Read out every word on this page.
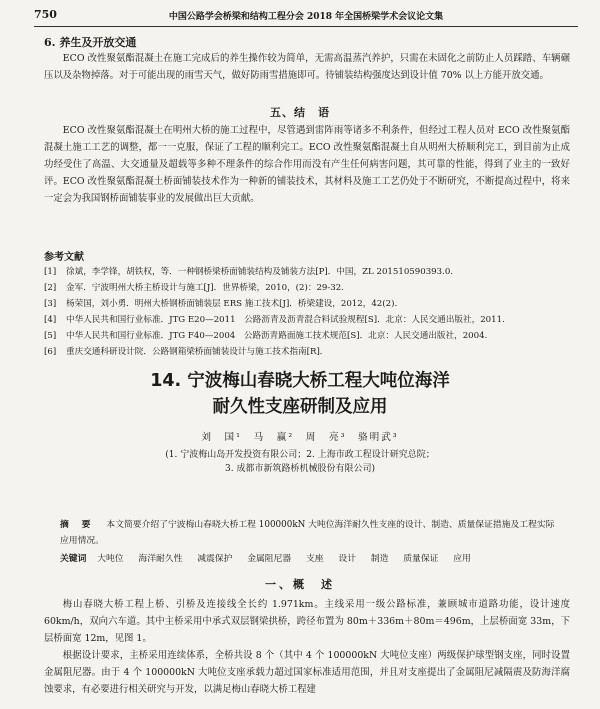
750	中国公路学会桥梁和结构工程分会 2018 年全国桥梁学术会议论文集
6. 养生及开放交通

ECO 改性聚氨酯混凝土在施工完成后的养生操作较为简单，无需高温蒸汽养护，只需在未固化之前防止人员踩踏、车辆碾压以及杂物掉落。对于可能出现的雨雪天气，做好防雨雪措施即可。待铺装结构强度达到设计值 70% 以上方能开放交通。

五、结　语

ECO 改性聚氨酯混凝土在明州大桥的施工过程中，尽管遇到雷阵雨等诸多不利条件，但经过工程人员对 ECO 改性聚氨酯混凝土施工工艺的调整，都一一克服，保证了工程的顺利完工。ECO 改性聚氨酯混凝土自从明州大桥顺利完工，到目前为止成功经受住了高温、大交通量及超载等多种不理条件的综合作用而没有产生任何病害问题，其可靠的性能，得到了业主的一致好评。ECO 改性聚氨酯混凝土桥面铺装技术作为一种新的铺装技术，其材料及施工工艺仍处于不断研究，不断提高过程中，将来一定会为我国钢桥面铺装事业的发展做出巨大贡献。

参考文献
[1] 徐斌，李学锋，胡铁权，等．一种钢桥梁桥面铺装结构及铺装方法[P]．中国，ZL 201510590393.0.
[2] 金军．宁波明州大桥主桥设计与施工[J]．世界桥梁，2010，(2)：29-32.
[3] 杨荣国，刘小勇．明州大桥钢桥面铺装层 ERS 施工技术[J]．桥梁建设，2012，42(2).
[4] 中华人民共和国行业标准．JTG E20—2011　公路沥青及沥青混合料试验规程[S]．北京：人民交通出版社，2011.
[5] 中华人民共和国行业标准．JTG F40—2004　公路沥青路面施工技术规范[S]．北京：人民交通出版社，2004.
[6] 重庆交通科研设计院．公路钢箱梁桥面铺装设计与施工技术指南[R]．
14. 宁波梅山春晓大桥工程大吨位海洋
耐久性支座研制及应用
刘　国¹　马　赢²　周　亮³　骆明武³
(1. 宁波梅山岛开发投资有限公司；2. 上海市政工程设计研究总院；
3. 成都市新筑路桥机械股份有限公司)
摘　要 本文简要介绍了宁波梅山春晓大桥工程 100000kN 大吨位海洋耐久性支座的设计、制造、质量保证措施及工程实际应用情况。
关键词 大吨位 海洋耐久性 减震保护 金属阻尼器 支座 设计 制造 质量保证 应用
一、概　述

梅山春晓大桥工程上桥、引桥及连接线全长约 1.971km。主线采用一级公路标准，兼顾城市道路功能，设计速度 60km/h，双向六车道。其中主桥采用中承式双层钢梁拱桥，跨径布置为 80m＋336m＋80m＝496m，上层桥面宽 33m，下层桥面宽 12m，见图 1。

根据设计要求，主桥采用连续体系，全桥共设 8 个（其中 4 个 100000kN 大吨位支座）两级保护球型钢支座，同时设置金属阻尼器。由于 4 个 100000kN 大吨位支座承载力超过国家标准适用范围，并且对支座提出了金属阻尼减隔震及防海洋腐蚀要求，有必要进行相关研究与开发，以满足梅山春晓大桥工程建
